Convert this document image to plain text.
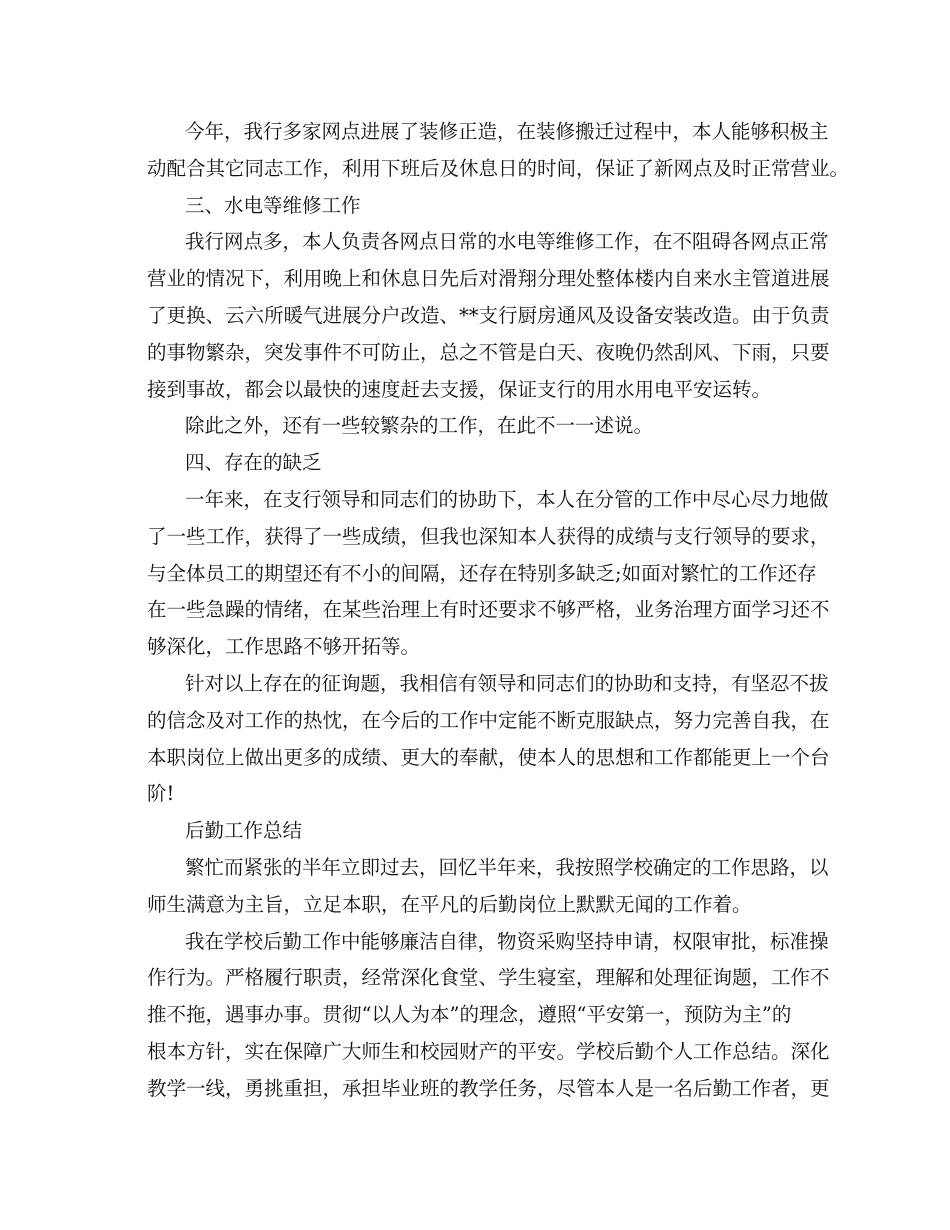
今年，我行多家网点进展了装修正造，在装修搬迁过程中，本人能够积极主
动配合其它同志工作，利用下班后及休息日的时间，保证了新网点及时正常营业。
三、水电等维修工作
我行网点多，本人负责各网点日常的水电等维修工作，在不阻碍各网点正常
营业的情况下，利用晚上和休息日先后对滑翔分理处整体楼内自来水主管道进展
了更换、云六所暖气进展分户改造、**支行厨房通风及设备安装改造。由于负责
的事物繁杂，突发事件不可防止，总之不管是白天、夜晚仍然刮风、下雨，只要
接到事故，都会以最快的速度赶去支援，保证支行的用水用电平安运转。
除此之外，还有一些较繁杂的工作，在此不一一述说。
四、存在的缺乏
一年来，在支行领导和同志们的协助下，本人在分管的工作中尽心尽力地做
了一些工作，获得了一些成绩，但我也深知本人获得的成绩与支行领导的要求，
与全体员工的期望还有不小的间隔，还存在特别多缺乏;如面对繁忙的工作还存
在一些急躁的情绪，在某些治理上有时还要求不够严格，业务治理方面学习还不
够深化，工作思路不够开拓等。
针对以上存在的征询题，我相信有领导和同志们的协助和支持，有坚忍不拔
的信念及对工作的热忱，在今后的工作中定能不断克服缺点，努力完善自我，在
本职岗位上做出更多的成绩、更大的奉献，使本人的思想和工作都能更上一个台
阶!
后勤工作总结
繁忙而紧张的半年立即过去，回忆半年来，我按照学校确定的工作思路，以
师生满意为主旨，立足本职，在平凡的后勤岗位上默默无闻的工作着。
我在学校后勤工作中能够廉洁自律，物资采购坚持申请，权限审批，标准操
作行为。严格履行职责，经常深化食堂、学生寝室，理解和处理征询题，工作不
推不拖，遇事办事。贯彻“以人为本”的理念，遵照“平安第一，预防为主”的
根本方针，实在保障广大师生和校园财产的平安。学校后勤个人工作总结。深化
教学一线，勇挑重担，承担毕业班的教学任务，尽管本人是一名后勤工作者，更
